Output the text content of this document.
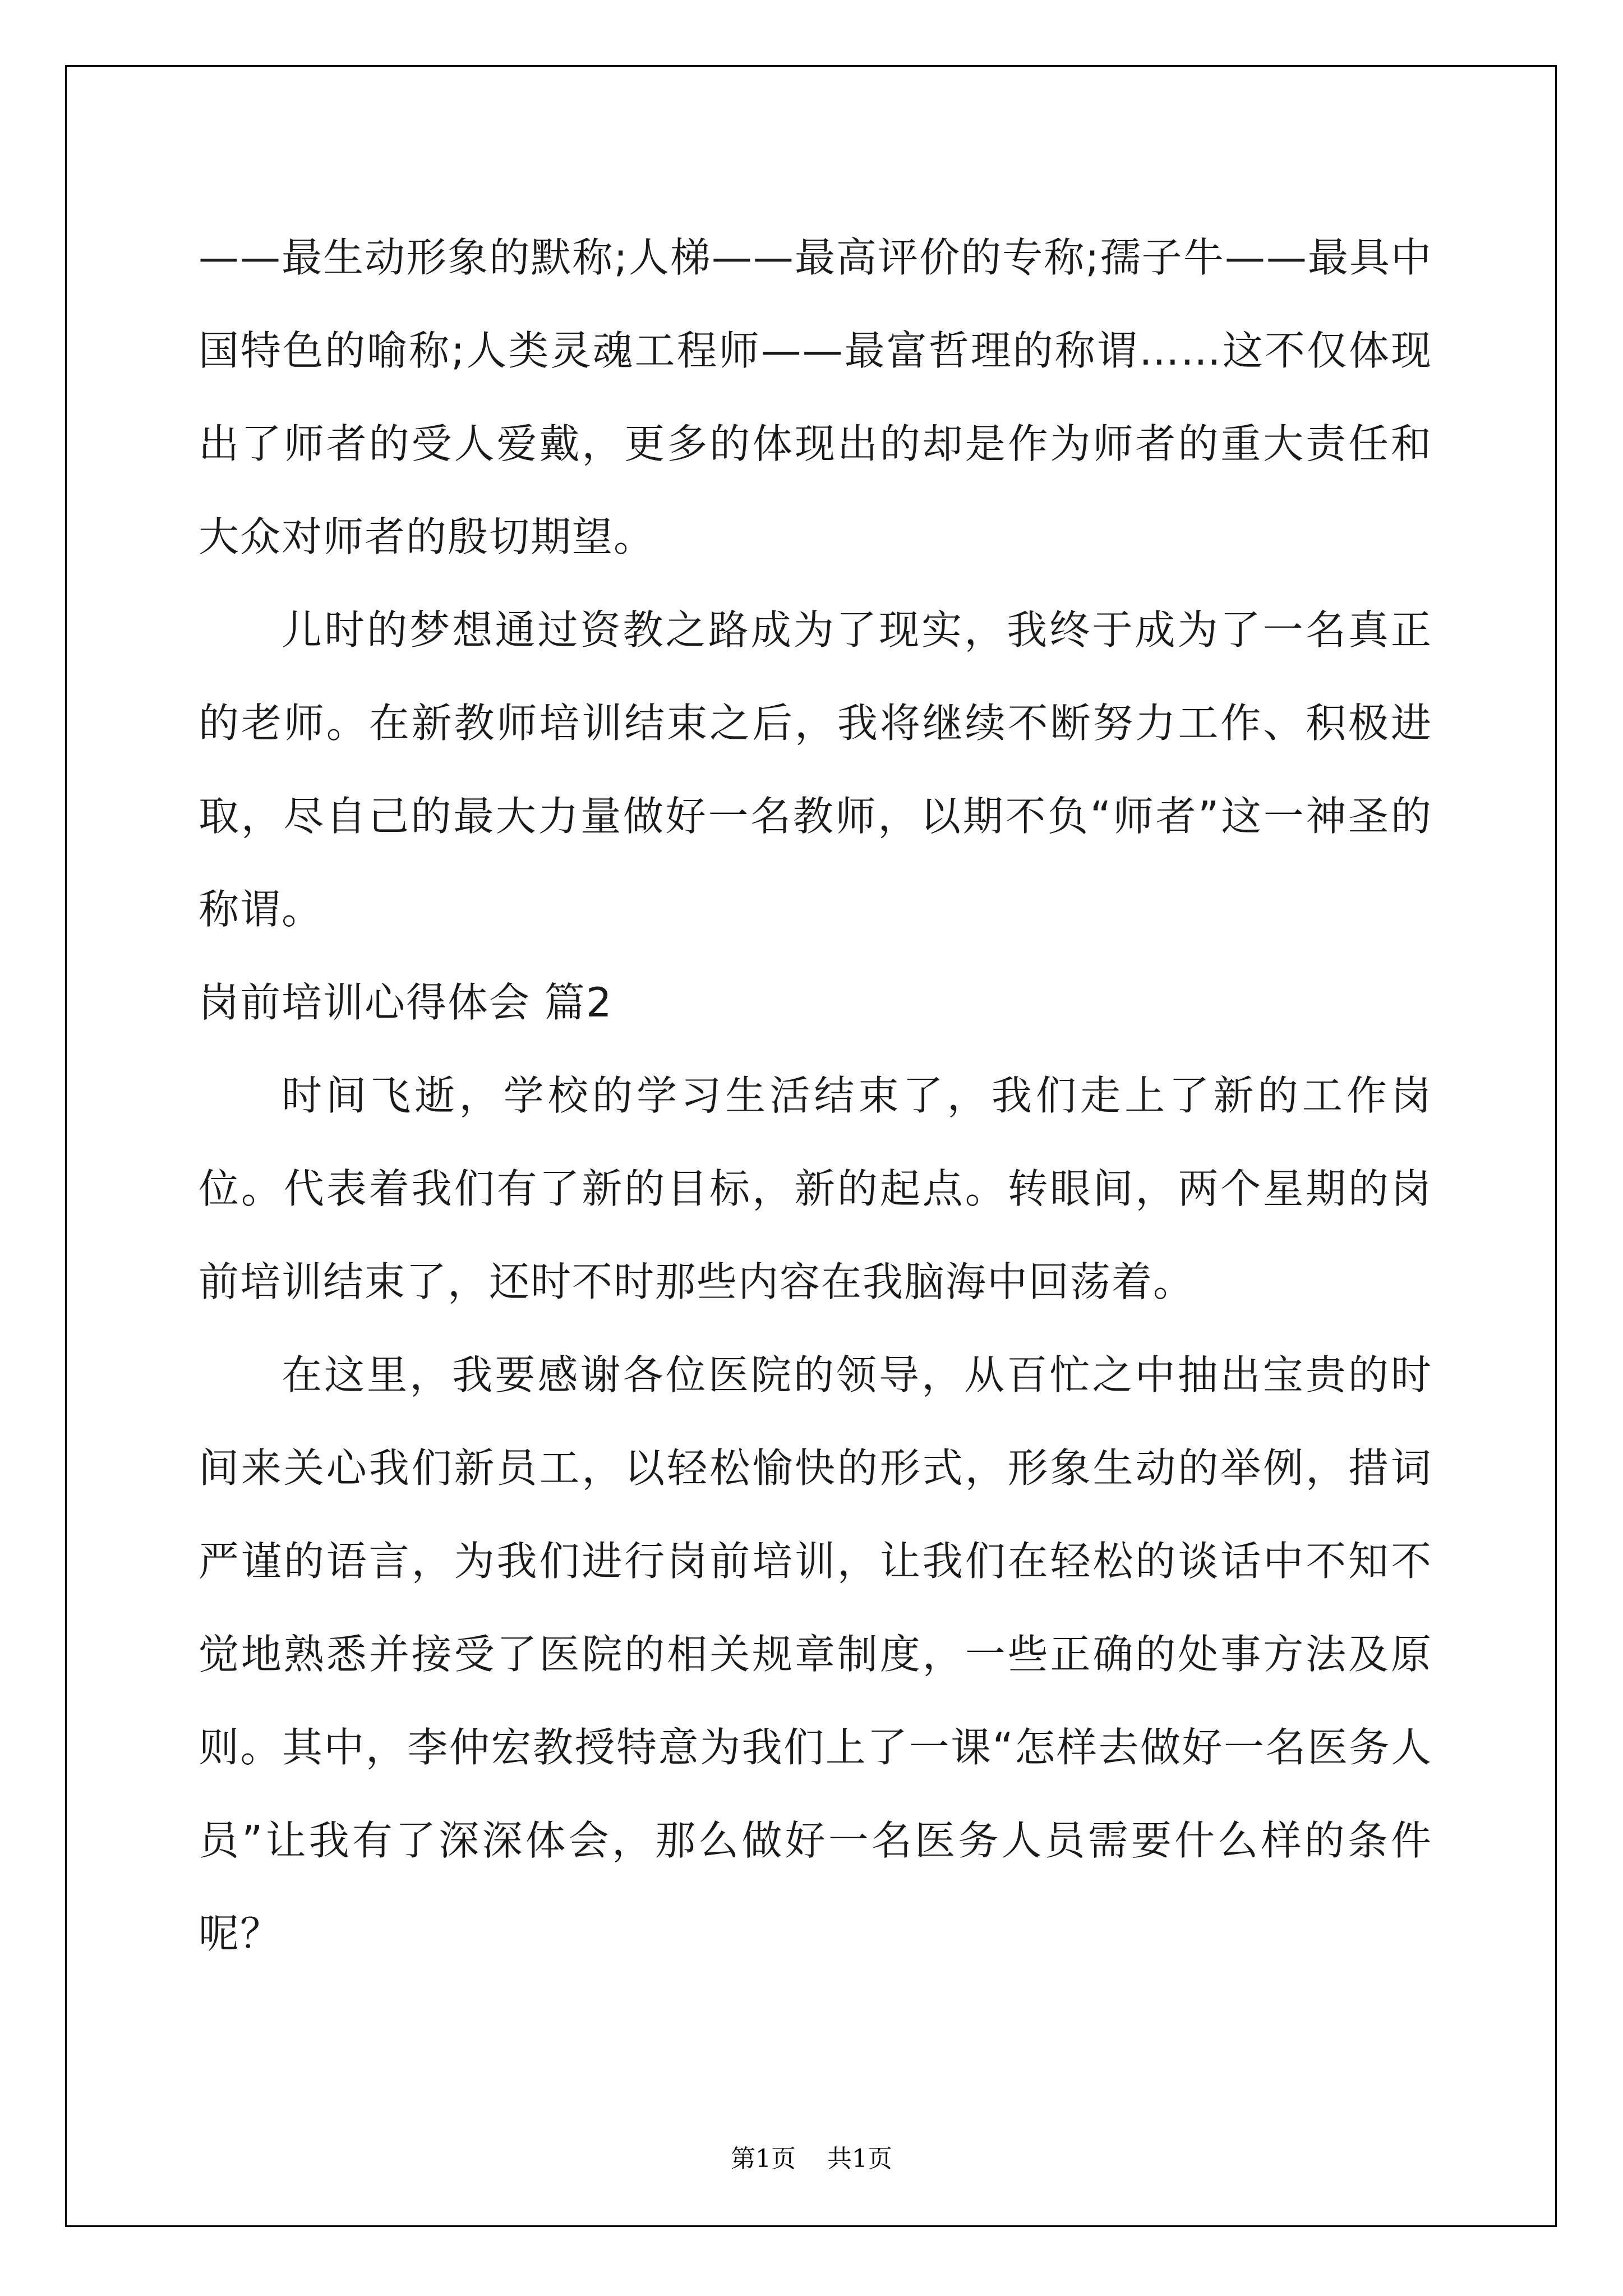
——最生动形象的默称;人梯——最高评价的专称;孺子牛——最具中国特色的喻称;人类灵魂工程师——最富哲理的称谓……这不仅体现出了师者的受人爱戴，更多的体现出的却是作为师者的重大责任和大众对师者的殷切期望。

儿时的梦想通过资教之路成为了现实，我终于成为了一名真正的老师。在新教师培训结束之后，我将继续不断努力工作、积极进取，尽自己的最大力量做好一名教师，以期不负“师者”这一神圣的称谓。

岗前培训心得体会 篇2

时间飞逝，学校的学习生活结束了，我们走上了新的工作岗位。代表着我们有了新的目标，新的起点。转眼间，两个星期的岗前培训结束了，还时不时那些内容在我脑海中回荡着。

在这里，我要感谢各位医院的领导，从百忙之中抽出宝贵的时间来关心我们新员工，以轻松愉快的形式，形象生动的举例，措词严谨的语言，为我们进行岗前培训，让我们在轻松的谈话中不知不觉地熟悉并接受了医院的相关规章制度，一些正确的处事方法及原则。其中，李仲宏教授特意为我们上了一课“怎样去做好一名医务人员”让我有了深深体会，那么做好一名医务人员需要什么样的条件呢？

第1页 共1页
